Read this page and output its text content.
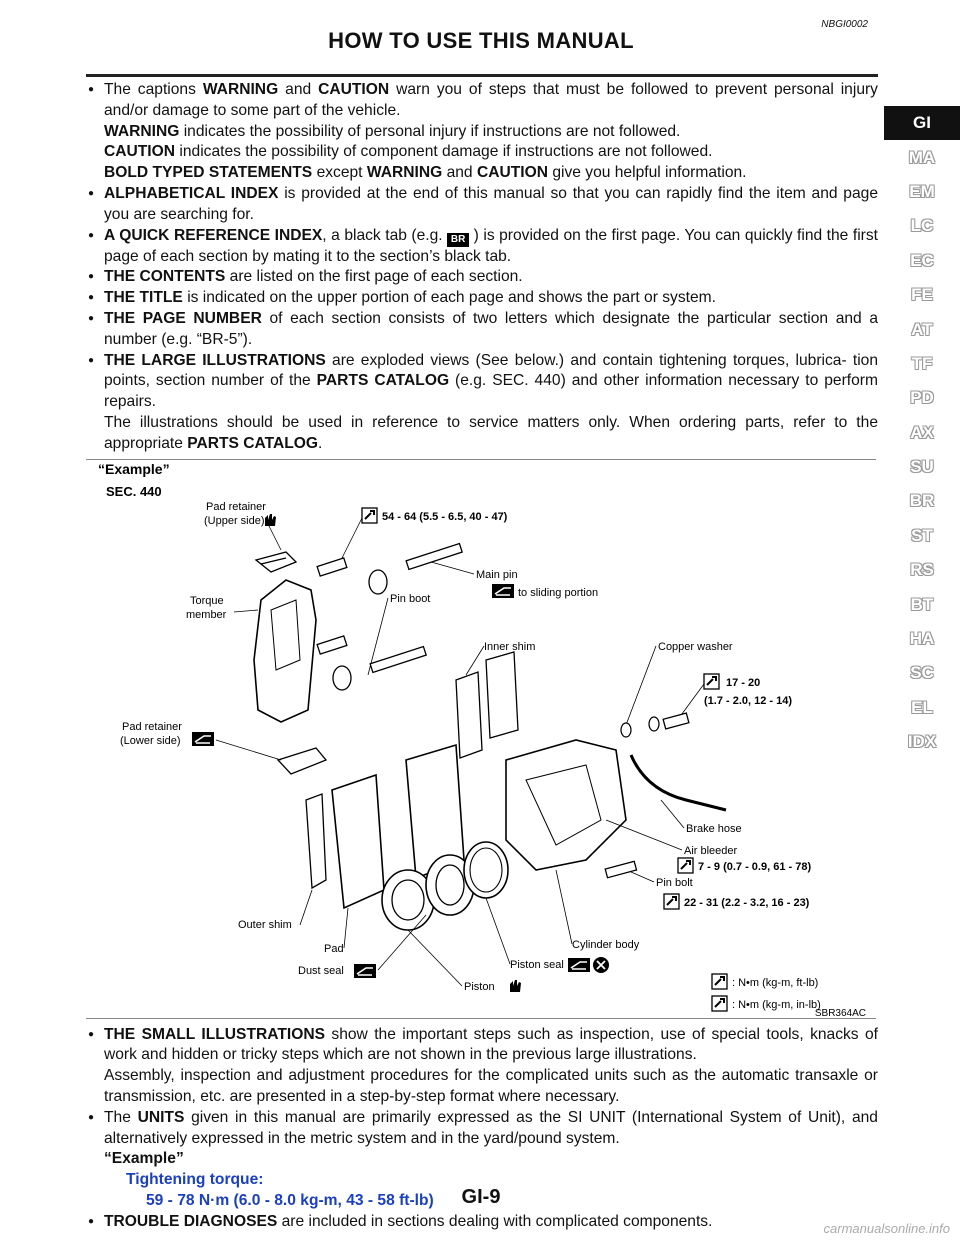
NBGI0002
HOW TO USE THIS MANUAL

● The captions WARNING and CAUTION warn you of steps that must be followed to prevent personal injury and/or damage to some part of the vehicle.
WARNING indicates the possibility of personal injury if instructions are not followed.
CAUTION indicates the possibility of component damage if instructions are not followed.
BOLD TYPED STATEMENTS except WARNING and CAUTION give you helpful information.

● ALPHABETICAL INDEX is provided at the end of this manual so that you can rapidly find the item and page you are searching for.

● A QUICK REFERENCE INDEX, a black tab (e.g. BR ) is provided on the first page. You can quickly find the first page of each section by mating it to the section’s black tab.

● THE CONTENTS are listed on the first page of each section.

● THE TITLE is indicated on the upper portion of each page and shows the part or system.

● THE PAGE NUMBER of each section consists of two letters which designate the particular section and a number (e.g. “BR-5”).

● THE LARGE ILLUSTRATIONS are exploded views (See below.) and contain tightening torques, lubrica- tion points, section number of the PARTS CATALOG (e.g. SEC. 440) and other information necessary to perform repairs.
The illustrations should be used in reference to service matters only. When ordering parts, refer to the appropriate PARTS CATALOG.

“Example”
SEC. 440
Pad retainer
(Upper side)
Torque
member
54 - 64 (5.5 - 6.5, 40 - 47)
Pin boot
Main pin
to sliding portion
Inner shim	Copper washer
17 - 20
(1.7 - 2.0, 12 - 14)
Pad retainer
(Lower side)
Brake hose
Air bleeder
7 - 9 (0.7 - 0.9, 61 - 78)
Pin bolt
22 - 31 (2.2 - 3.2, 16 - 23)
Outer shim
Cylinder body
Pad
Piston seal
Dust seal
Piston	: N•m (kg-m, ft-lb)
: N•m (kg-m, in-lb)
SBR364AC

● THE SMALL ILLUSTRATIONS show the important steps such as inspection, use of special tools, knacks of work and hidden or tricky steps which are not shown in the previous large illustrations.
Assembly, inspection and adjustment procedures for the complicated units such as the automatic transaxle or transmission, etc. are presented in a step-by-step format where necessary.

● The UNITS given in this manual are primarily expressed as the SI UNIT (International System of Unit), and alternatively expressed in the metric system and in the yard/pound system.

“Example”

Tightening torque:

59 - 78 N·m (6.0 - 8.0 kg-m, 43 - 58 ft-lb)

● TROUBLE DIAGNOSES are included in sections dealing with complicated components.

GI
MA
EM
LC
EC
FE
AT
TF
PD
AX
SU
BR
ST
RS
BT
HA
SC
EL
IDX
GI-9
carmanualsonline.info
